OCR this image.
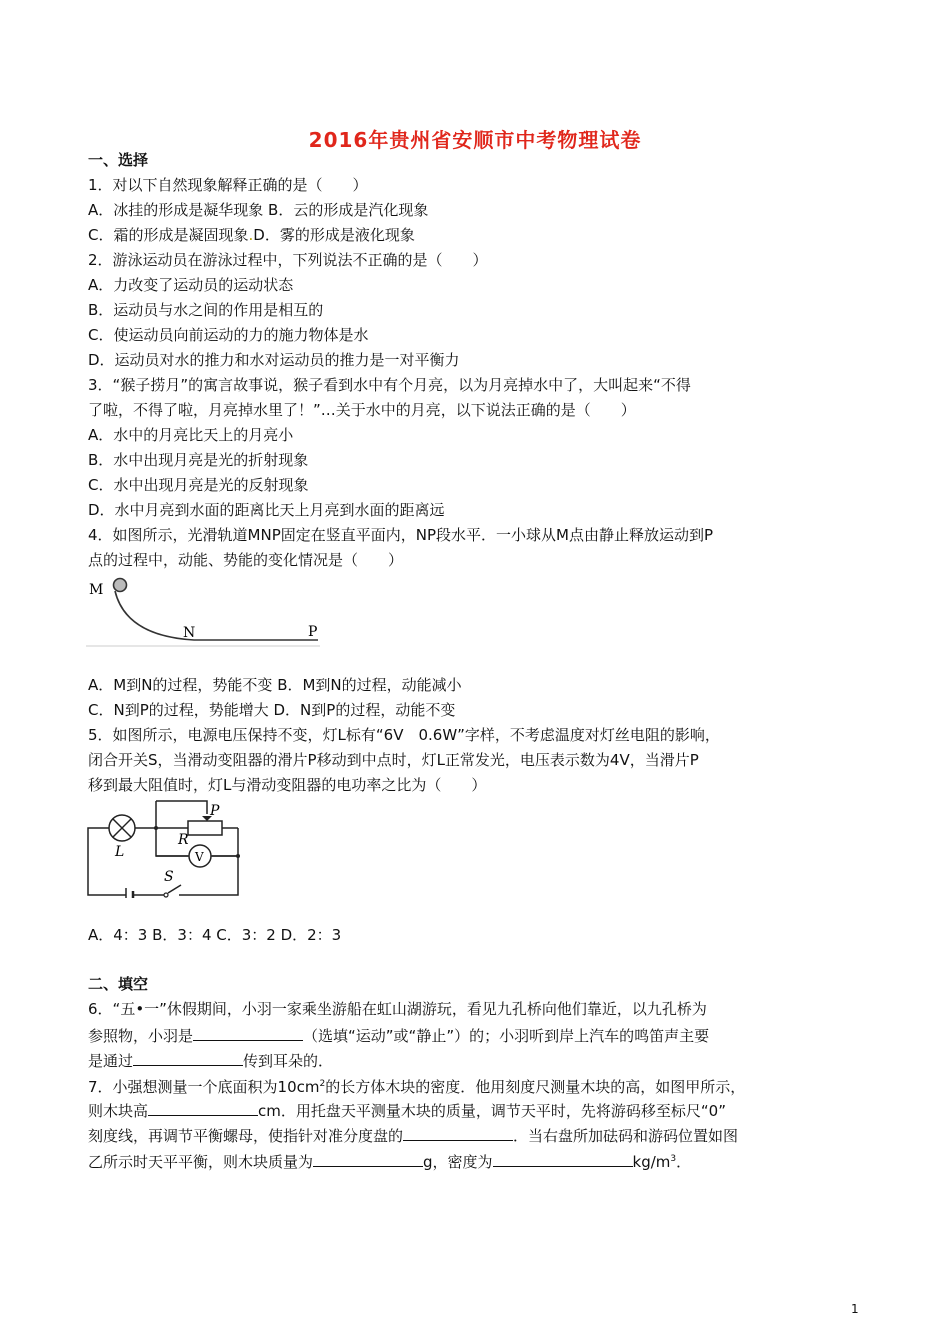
2016年贵州省安顺市中考物理试卷
一、选择
1．对以下自然现象解释正确的是（　　）
A．冰挂的形成是凝华现象 B．云的形成是汽化现象
C．霜的形成是凝固现象.D．雾的形成是液化现象
2．游泳运动员在游泳过程中，下列说法不正确的是（　　）
A．力改变了运动员的运动状态
B．运动员与水之间的作用是相互的
C．使运动员向前运动的力的施力物体是水
D．运动员对水的推力和水对运动员的推力是一对平衡力
3．“猴子捞月”的寓言故事说，猴子看到水中有个月亮，以为月亮掉水中了，大叫起来“不得
了啦，不得了啦，月亮掉水里了！”…关于水中的月亮，以下说法正确的是（　　）
A．水中的月亮比天上的月亮小
B．水中出现月亮是光的折射现象
C．水中出现月亮是光的反射现象
D．水中月亮到水面的距离比天上月亮到水面的距离远
4．如图所示，光滑轨道MNP固定在竖直平面内，NP段水平．一小球从M点由静止释放运动到P
点的过程中，动能、势能的变化情况是（　　）
M
N	P
A．M到N的过程，势能不变 B．M到N的过程，动能减小
C．N到P的过程，势能增大 D．N到P的过程，动能不变
5．如图所示，电源电压保持不变，灯L标有“6V　0.6W”字样，不考虑温度对灯丝电阻的影响，
闭合开关S，当滑动变阻器的滑片P移动到中点时，灯L正常发光，电压表示数为4V，当滑片P
移到最大阻值时，灯L与滑动变阻器的电功率之比为（　　）
V
P
R
L
S
A．4：3 B．3：4 C．3：2 D．2：3
二、填空
6．“五•一”休假期间，小羽一家乘坐游船在虹山湖游玩，看见九孔桥向他们靠近，以九孔桥为
参照物，小羽是	（选填“运动”或“静止”）的；小羽听到岸上汽车的鸣笛声主要
是通过	传到耳朵的．
7．小强想测量一个底面积为$10cm^2$的长方体木块的密度．他用刻度尺测量木块的高，如图甲所示，
则木块高	cm．用托盘天平测量木块的质量，调节天平时，先将游码移至标尺“0”
刻度线，再调节平衡螺母，使指针对准分度盘的	．当右盘所加砝码和游码位置如图
乙所示时天平平衡，则木块质量为	g，密度为	$kg/m^3$．
1
